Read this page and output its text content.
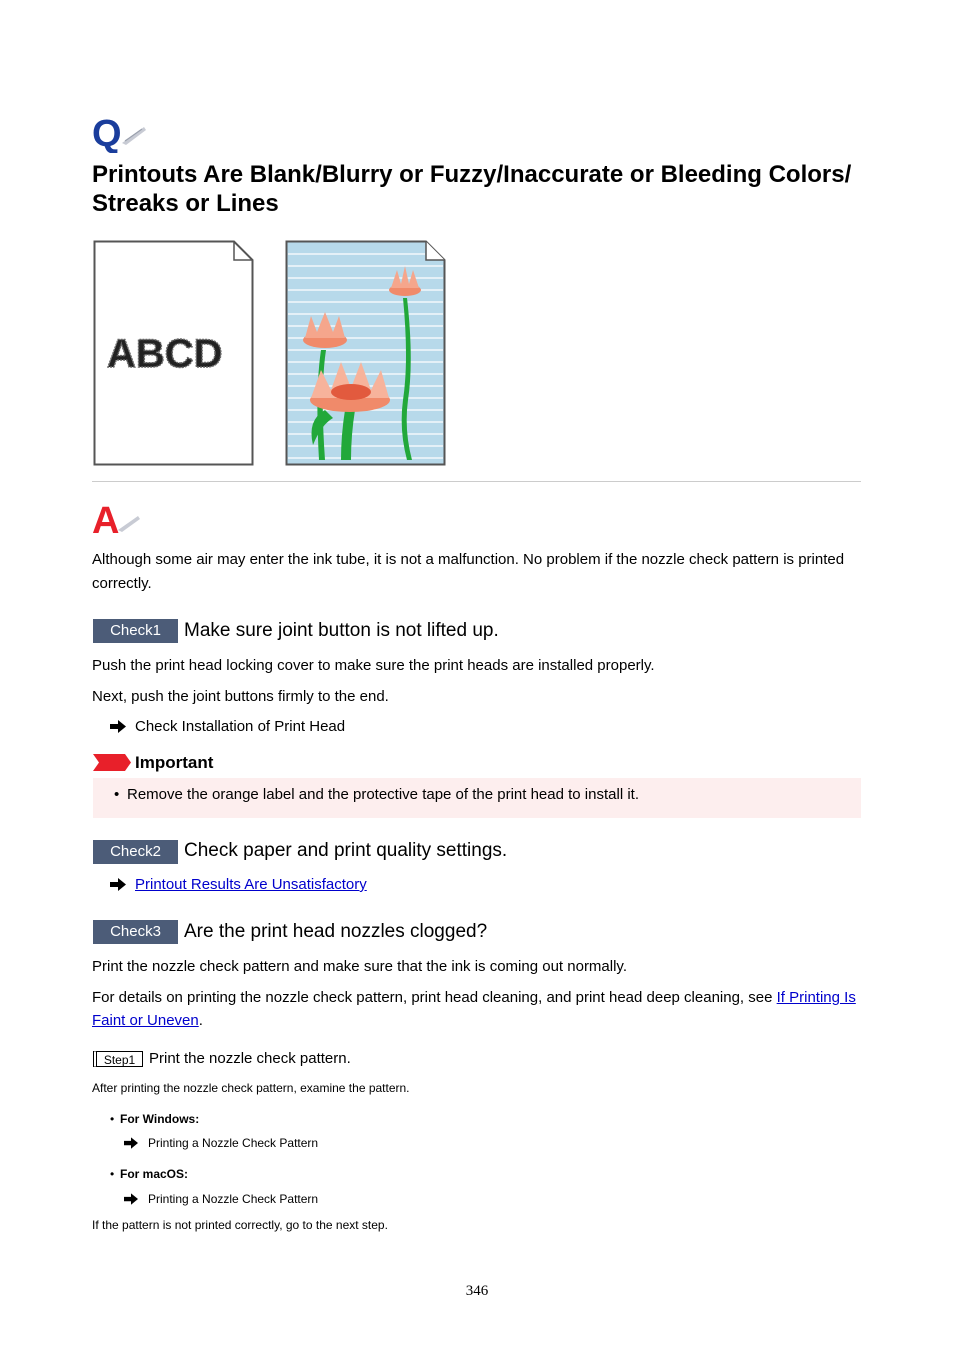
Q
Printouts Are Blank/Blurry or Fuzzy/Inaccurate or Bleeding Colors/ Streaks or Lines
ABCD
A

Although some air may enter the ink tube, it is not a malfunction. No problem if the nozzle check pattern is printed correctly.

Check1	Make sure joint button is not lifted up.

Push the print head locking cover to make sure the print heads are installed properly.

Next, push the joint buttons firmly to the end.

Check Installation of Print Head
Important
• Remove the orange label and the protective tape of the print head to install it.
Check2	Check paper and print quality settings.
Printout Results Are Unsatisfactory
Check3	Are the print head nozzles clogged?

Print the nozzle check pattern and make sure that the ink is coming out normally.

For details on printing the nozzle check pattern, print head cleaning, and print head deep cleaning, see If Printing Is Faint or Uneven.

Step1 Print the nozzle check pattern.
After printing the nozzle check pattern, examine the pattern.
• For Windows:
Printing a Nozzle Check Pattern
• For macOS:
Printing a Nozzle Check Pattern
If the pattern is not printed correctly, go to the next step.
346
